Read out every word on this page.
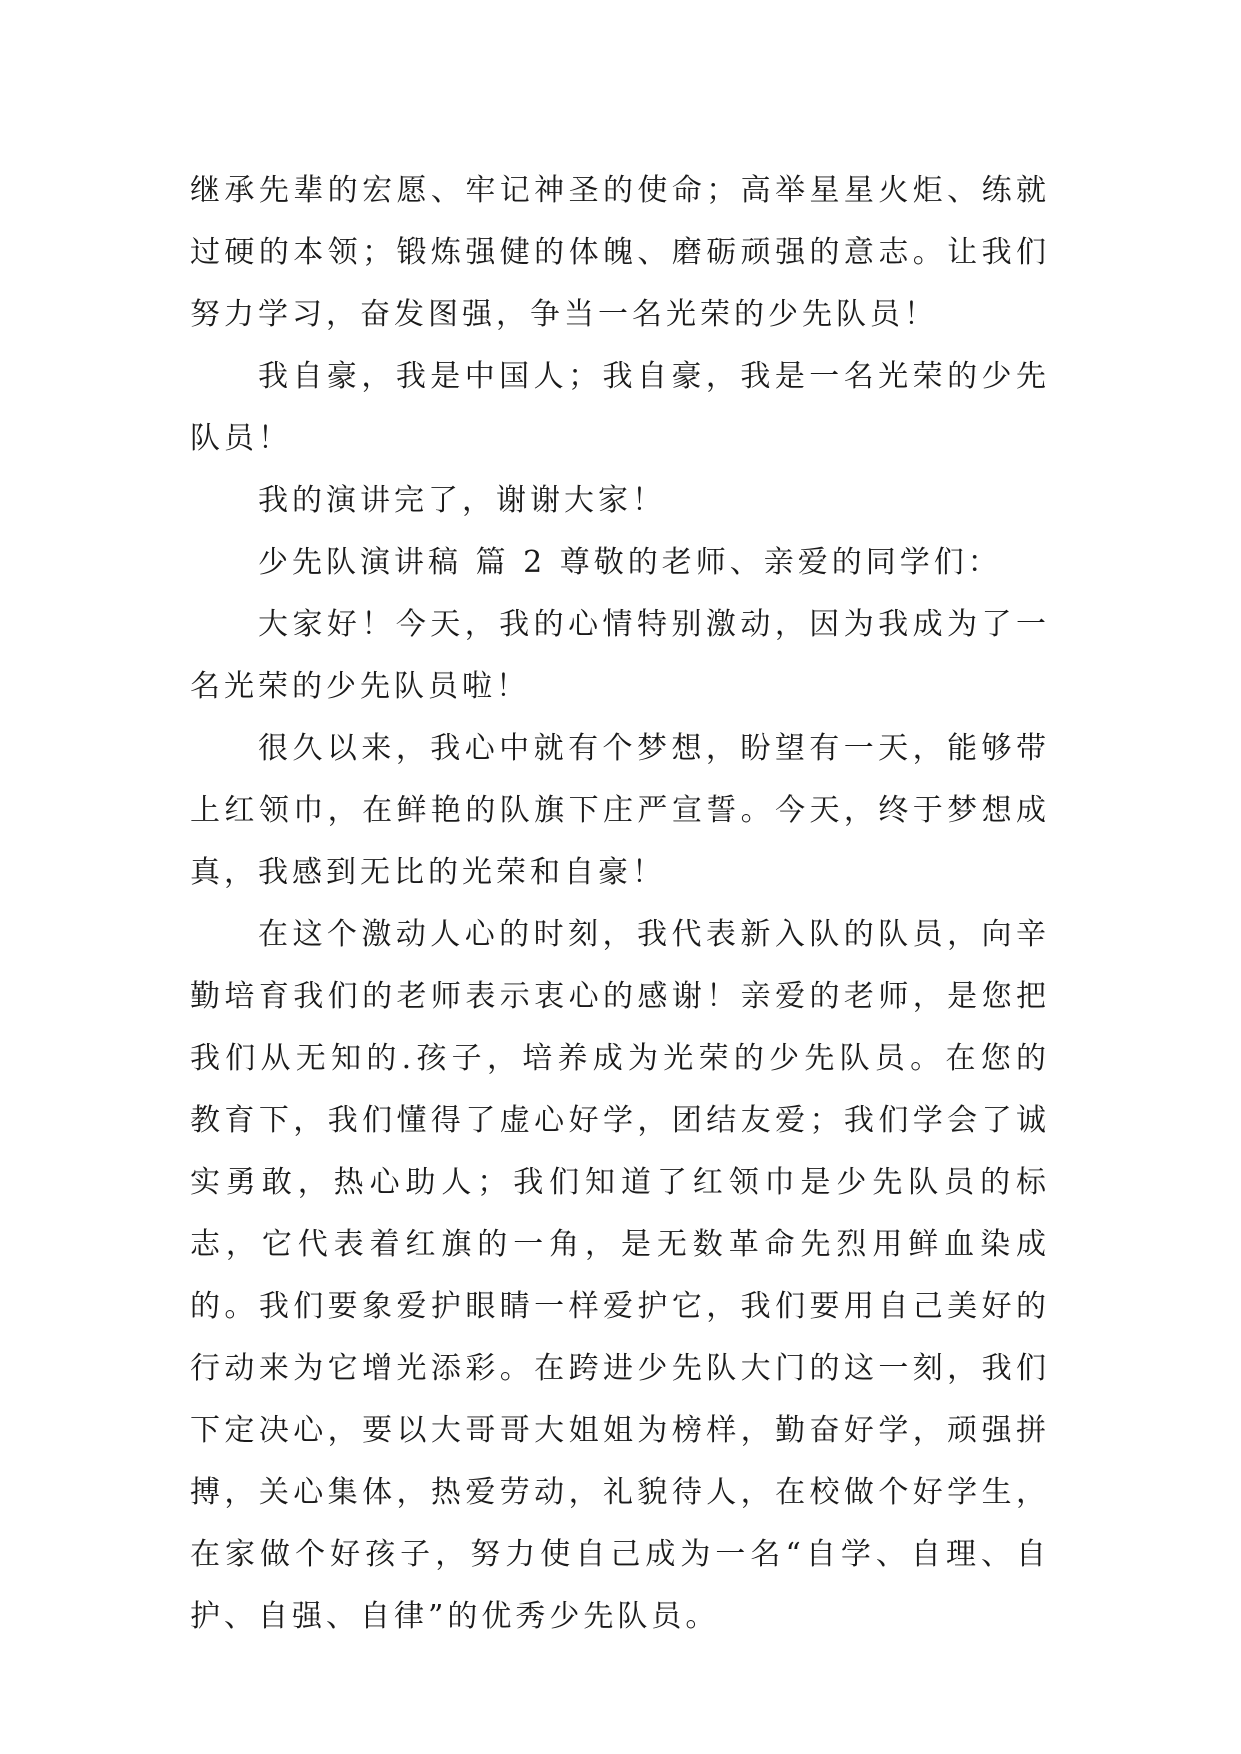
继承先辈的宏愿、牢记神圣的使命；高举星星火炬、练就过硬的本领；锻炼强健的体魄、磨砺顽强的意志。让我们努力学习，奋发图强，争当一名光荣的少先队员！

我自豪，我是中国人；我自豪，我是一名光荣的少先队员！

我的演讲完了，谢谢大家！

少先队演讲稿 篇 2 尊敬的老师、亲爱的同学们：

大家好！今天，我的心情特别激动，因为我成为了一名光荣的少先队员啦！

很久以来，我心中就有个梦想，盼望有一天，能够带上红领巾，在鲜艳的队旗下庄严宣誓。今天，终于梦想成真，我感到无比的光荣和自豪！

在这个激动人心的时刻，我代表新入队的队员，向辛勤培育我们的老师表示衷心的感谢！亲爱的老师，是您把我们从无知的.孩子，培养成为光荣的少先队员。在您的教育下，我们懂得了虚心好学，团结友爱；我们学会了诚实勇敢，热心助人；我们知道了红领巾是少先队员的标志，它代表着红旗的一角，是无数革命先烈用鲜血染成的。我们要象爱护眼睛一样爱护它，我们要用自己美好的行动来为它增光添彩。在跨进少先队大门的这一刻，我们下定决心，要以大哥哥大姐姐为榜样，勤奋好学，顽强拼搏，关心集体，热爱劳动，礼貌待人，在校做个好学生，在家做个好孩子，努力使自己成为一名“自学、自理、自护、自强、自律”的优秀少先队员。
